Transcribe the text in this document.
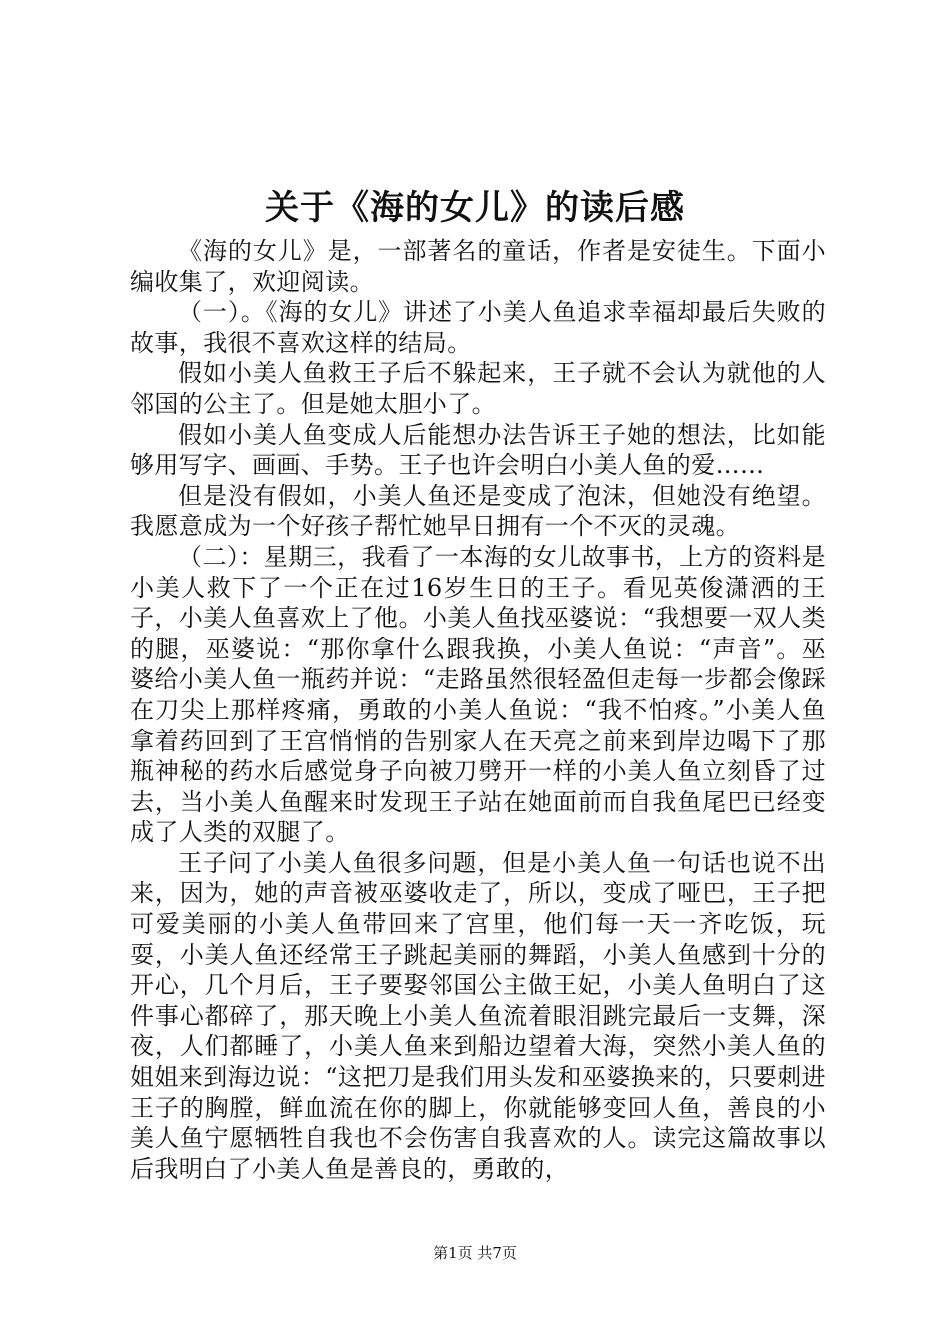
关于《海的女儿》的读后感

《海的女儿》是，一部著名的童话，作者是安徒生。下面小编收集了，欢迎阅读。

（一）。《海的女儿》讲述了小美人鱼追求幸福却最后失败的故事，我很不喜欢这样的结局。

假如小美人鱼救王子后不躲起来，王子就不会认为就他的人邻国的公主了。但是她太胆小了。

假如小美人鱼变成人后能想办法告诉王子她的想法，比如能够用写字、画画、手势。王子也许会明白小美人鱼的爱……

但是没有假如，小美人鱼还是变成了泡沫，但她没有绝望。我愿意成为一个好孩子帮忙她早日拥有一个不灭的灵魂。

（二）：星期三，我看了一本海的女儿故事书，上方的资料是小美人救下了一个正在过16岁生日的王子。看见英俊潇洒的王子，小美人鱼喜欢上了他。小美人鱼找巫婆说：“我想要一双人类的腿，巫婆说：“那你拿什么跟我换，小美人鱼说：“声音”。巫婆给小美人鱼一瓶药并说：“走路虽然很轻盈但走每一步都会像踩在刀尖上那样疼痛，勇敢的小美人鱼说：“我不怕疼。”小美人鱼拿着药回到了王宫悄悄的告别家人在天亮之前来到岸边喝下了那瓶神秘的药水后感觉身子向被刀劈开一样的小美人鱼立刻昏了过去，当小美人鱼醒来时发现王子站在她面前而自我鱼尾巴已经变成了人类的双腿了。

王子问了小美人鱼很多问题，但是小美人鱼一句话也说不出来，因为，她的声音被巫婆收走了，所以，变成了哑巴，王子把可爱美丽的小美人鱼带回来了宫里，他们每一天一齐吃饭，玩耍，小美人鱼还经常王子跳起美丽的舞蹈，小美人鱼感到十分的开心，几个月后，王子要娶邻国公主做王妃，小美人鱼明白了这件事心都碎了，那天晚上小美人鱼流着眼泪跳完最后一支舞，深夜，人们都睡了，小美人鱼来到船边望着大海，突然小美人鱼的姐姐来到海边说：“这把刀是我们用头发和巫婆换来的，只要刺进王子的胸膛，鲜血流在你的脚上，你就能够变回人鱼，善良的小美人鱼宁愿牺牲自我也不会伤害自我喜欢的人。读完这篇故事以后我明白了小美人鱼是善良的，勇敢的，

第1页 共7页
